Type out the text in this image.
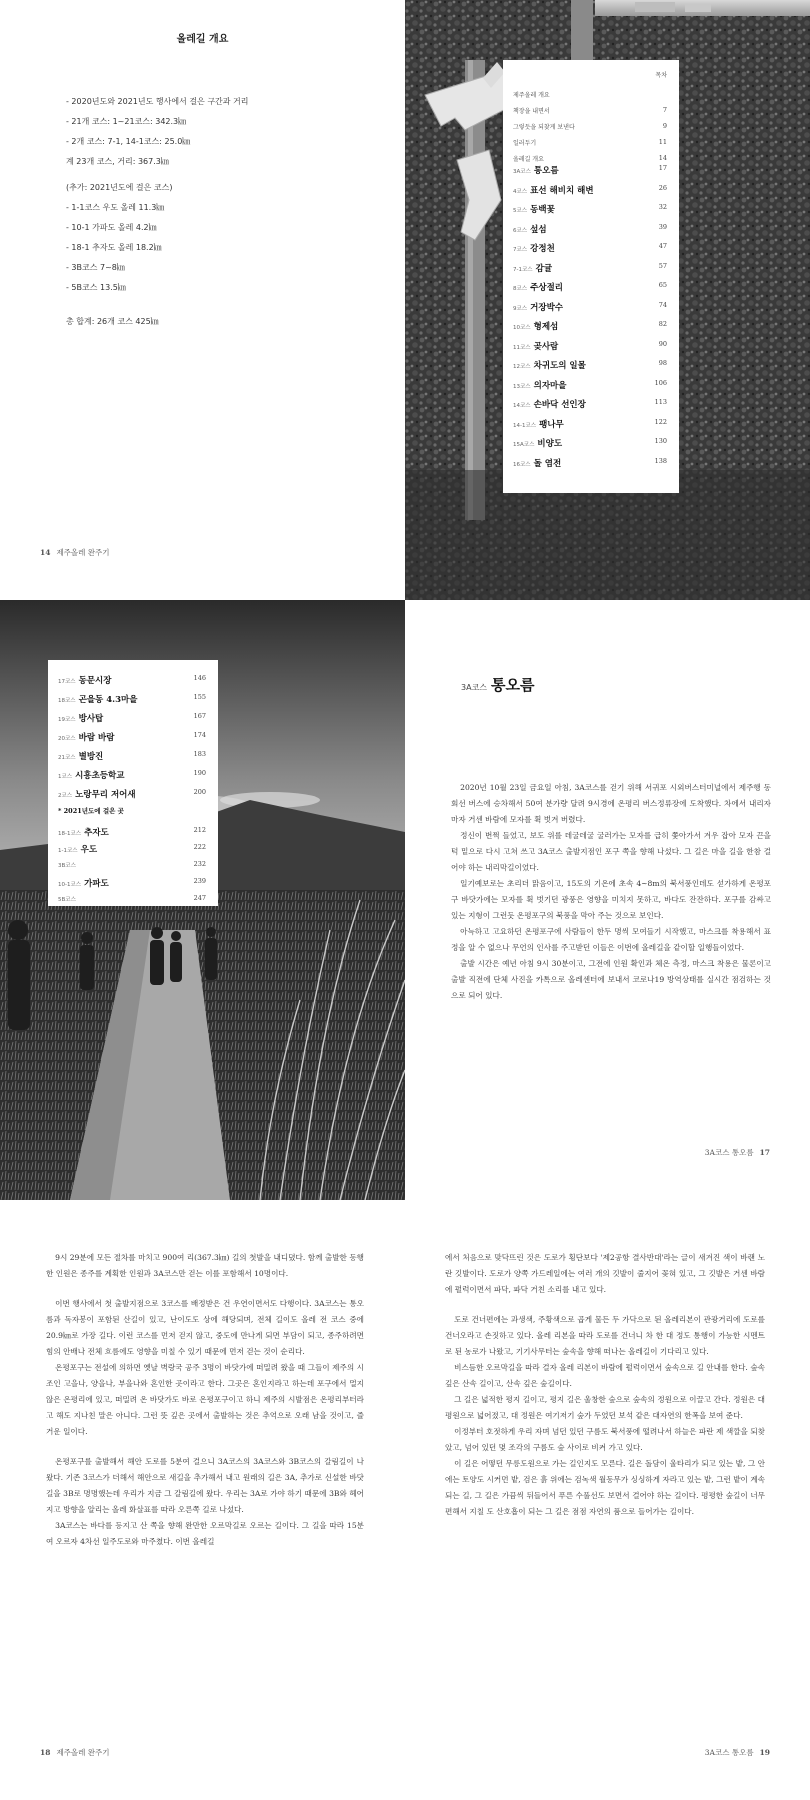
올레길 개요
- 2020년도와 2021년도 행사에서 걸은 구간과 거리
- 21개 코스: 1~21코스: 342.3㎞
- 2개 코스: 7-1, 14-1코스: 25.0㎞
계 23개 코스, 거리: 367.3㎞
(추가: 2021년도에 걸은 코스)
- 1-1코스 우도 올레 11.3㎞
- 10-1 가파도 올레 4.2㎞
- 18-1 추자도 올레 18.2㎞
- 3B코스 7~8㎞
- 5B코스 13.5㎞
총 합계: 26개 코스 425㎞
14 제주올레 완주기
목차
제주올레 개요
책장을 내면서	7
그렇듯을 되찾게 보낸다	9
일러두기	11
올레길 개요	14
3A코스 통오름	17
4코스 표선 해비치 해변	26
5코스 동백꽃	32
6코스 섶섬	39
7코스 강정천	47
7-1코스 감귤	57
8코스 주상절리	65
9코스 거장박수	74
10코스 형제섬	82
11코스 곶사람	90
12코스 차귀도의 일몰	98
13코스 의자마을	106
14코스 손바닥 선인장	113
14-1코스 팽나무	122
15A코스 비양도	130
16코스 돌 염전	138
17코스 동문시장	146
18코스 곤을동 4.3마을	155
19코스 방사탑	167
20코스 바람 바람	174
21코스 별방진	183
1코스 시흥초등학교	190
2코스 노랑무리 저어새	200
* 2021년도에 걸은 곳
18-1코스 추자도	212
1-1코스 우도	222
3B코스	232
10-1코스 가파도	239
5B코스	247
3A코스 통오름

2020년 10월 23일 금요일 아침, 3A코스를 걷기 위해 서귀포 시외버스터미널에서 제주행 동회선 버스에 승차해서 50여 분가량 달려 9시경에 온평리 버스정류장에 도착했다. 차에서 내리자마자 거센 바람에 모자를 휙 벗겨 버렸다.

정신이 번쩍 들었고, 보도 위를 데굴데굴 굴러가는 모자를 급히 쫓아가서 겨우 잡아 모자 끈을 턱 밑으로 다시 고쳐 쓰고 3A코스 출발지점인 포구 쪽을 향해 나섰다. 그 길은 마을 길을 한참 걸어야 하는 내리막길이었다.

일기예보로는 초리더 맑음이고, 15도의 기온에 초속 4~8m의 북서풍인데도 섣가하게 온평포구 바닷가에는 모자를 휙 벗기던 광풍은 영향을 미치지 못하고, 바다도 잔잔하다. 포구를 감싸고 있는 지형이 그런듯 온평포구의 북풍을 막아 주는 것으로 보인다.

아늑하고 고요하던 온평포구에 사람들이 한두 명씩 모여들기 시작했고, 마스크를 착용해서 표정을 알 수 없으나 무언의 인사를 주고받던 이들은 이번에 올레길을 같이할 일행들이었다.

출발 시간은 예년 아침 9시 30분이고, 그전에 인원 확인과 체온 측정, 마스크 착용은 물론이고 출발 직전에 단체 사진을 카톡으로 올레센터에 보내서 코로나19 방역상태를 실시간 점검하는 것으로 되어 있다.

3A코스 통오름 17

9시 29분에 모든 절차를 마치고 900여 리(367.3㎞) 길의 첫발을 내디뎠다. 함께 출발한 동행한 인원은 종주를 계획한 인원과 3A코스만 걷는 이를 포함해서 10명이다.

이번 행사에서 첫 출발지점으로 3코스를 배정받은 건 우연이면서도 다행이다. 3A코스는 통오름과 독자봉이 포함된 산길이 있고, 난이도도 상에 해당되며, 전체 길이도 올레 전 코스 중에 20.9㎞로 가장 길다. 이런 코스를 먼저 걷지 않고, 중도에 만나게 되면 부담이 되고, 종주하려면 힘의 안배나 전체 흐름에도 영향을 미칠 수 있기 때문에 먼저 걷는 것이 순리다.

온평포구는 전설에 의하면 옛날 벽랑국 공주 3명이 바닷가에 떠밀려 왔을 때 그들이 제주의 시조인 고을나, 양을나, 부을나와 혼인한 곳이라고 한다. 그곳은 혼인지라고 하는데 포구에서 멀지 않은 온평리에 있고, 떠밀려 온 바닷가도 바로 온평포구이고 하니 제주의 시발점은 온평리부터라고 해도 지나친 말은 아니다. 그런 뜻 깊은 곳에서 출발하는 것은 추억으로 오래 남을 것이고, 즐거운 일이다.

온평포구를 출발해서 해안 도로를 5분여 걸으니 3A코스의 3A코스와 3B코스의 갈림길이 나왔다. 기존 3코스가 더해서 해안으로 새길을 추가해서 내고 원래의 길은 3A, 추가로 신설한 바닷길을 3B로 명명했는데 우리가 지금 그 갈림길에 왔다. 우리는 3A로 가야 하기 때문에 3B와 헤어지고 방향을 알리는 올레 화살표를 따라 오른쪽 길로 나섰다.

3A코스는 바다를 등지고 산 쪽을 향해 완만한 오르막길로 오르는 길이다. 그 길을 따라 15분여 오르자 4차선 일주도로와 마주쳤다. 이번 올레길

18 제주올레 완주기

에서 처음으로 맞닥뜨린 것은 도로가 횡단보다 '제2공항 결사반대'라는 글이 새겨진 색이 바랜 노란 깃발이다. 도로가 양쪽 가드레일에는 여러 개의 깃발이 줄지어 꽂혀 있고, 그 깃발은 거센 바람에 펄럭이면서 파닥, 파닥 거친 소리를 내고 있다.

도로 건너편에는 과생색, 주황색으로 곱게 물든 두 가닥으로 된 올레리본이 관광거리에 도로를 건너오라고 손짓하고 있다. 올레 리본을 따라 도로를 건너니 차 한 대 정도 통행이 가능한 시멘트로 된 농로가 나왔고, 기기사무터는 숲속을 향해 떠나는 올레길이 기다리고 있다.

비스듬한 오르막길을 따라 걸자 올레 리본이 바람에 펄럭이면서 숲속으로 길 안내를 한다. 숲속 깊은 산속 길이고, 산속 깊은 숲길이다.

그 길은 넓적한 평지 길이고, 평지 길은 울창한 숲으로 숲속의 정원으로 이끌고 간다. 정원은 대평원으로 넓어졌고, 대 정원은 여기저기 숲가 두었던 보석 같은 대자연의 한폭을 보여 준다.

이정부터 호젓하게 우리 자며 넘던 있던 구름도 북서풍에 떨려나서 하늘은 파란 제 색깔을 되찾았고, 넘어 있던 몇 조각의 구름도 숲 사이로 비켜 가고 있다.

이 길은 어떻던 무릉도원으로 가는 길인지도 모른다. 길은 돌담이 울타리가 되고 있는 밭, 그 안에는 토양도 시커먼 밭, 검은 흙 위에는 검녹색 월동무가 싱싱하게 자라고 있는 밭, 그런 밭이 계속되는 길, 그 길은 가끔씩 뒤들어서 푸른 수풀선도 보면서 걸어야 하는 길이다. 평평한 숲길이 너무 편해서 지칠 도 산호흡이 되는 그 길은 점점 자연의 품으로 들어가는 길이다.

3A코스 통오름 19
